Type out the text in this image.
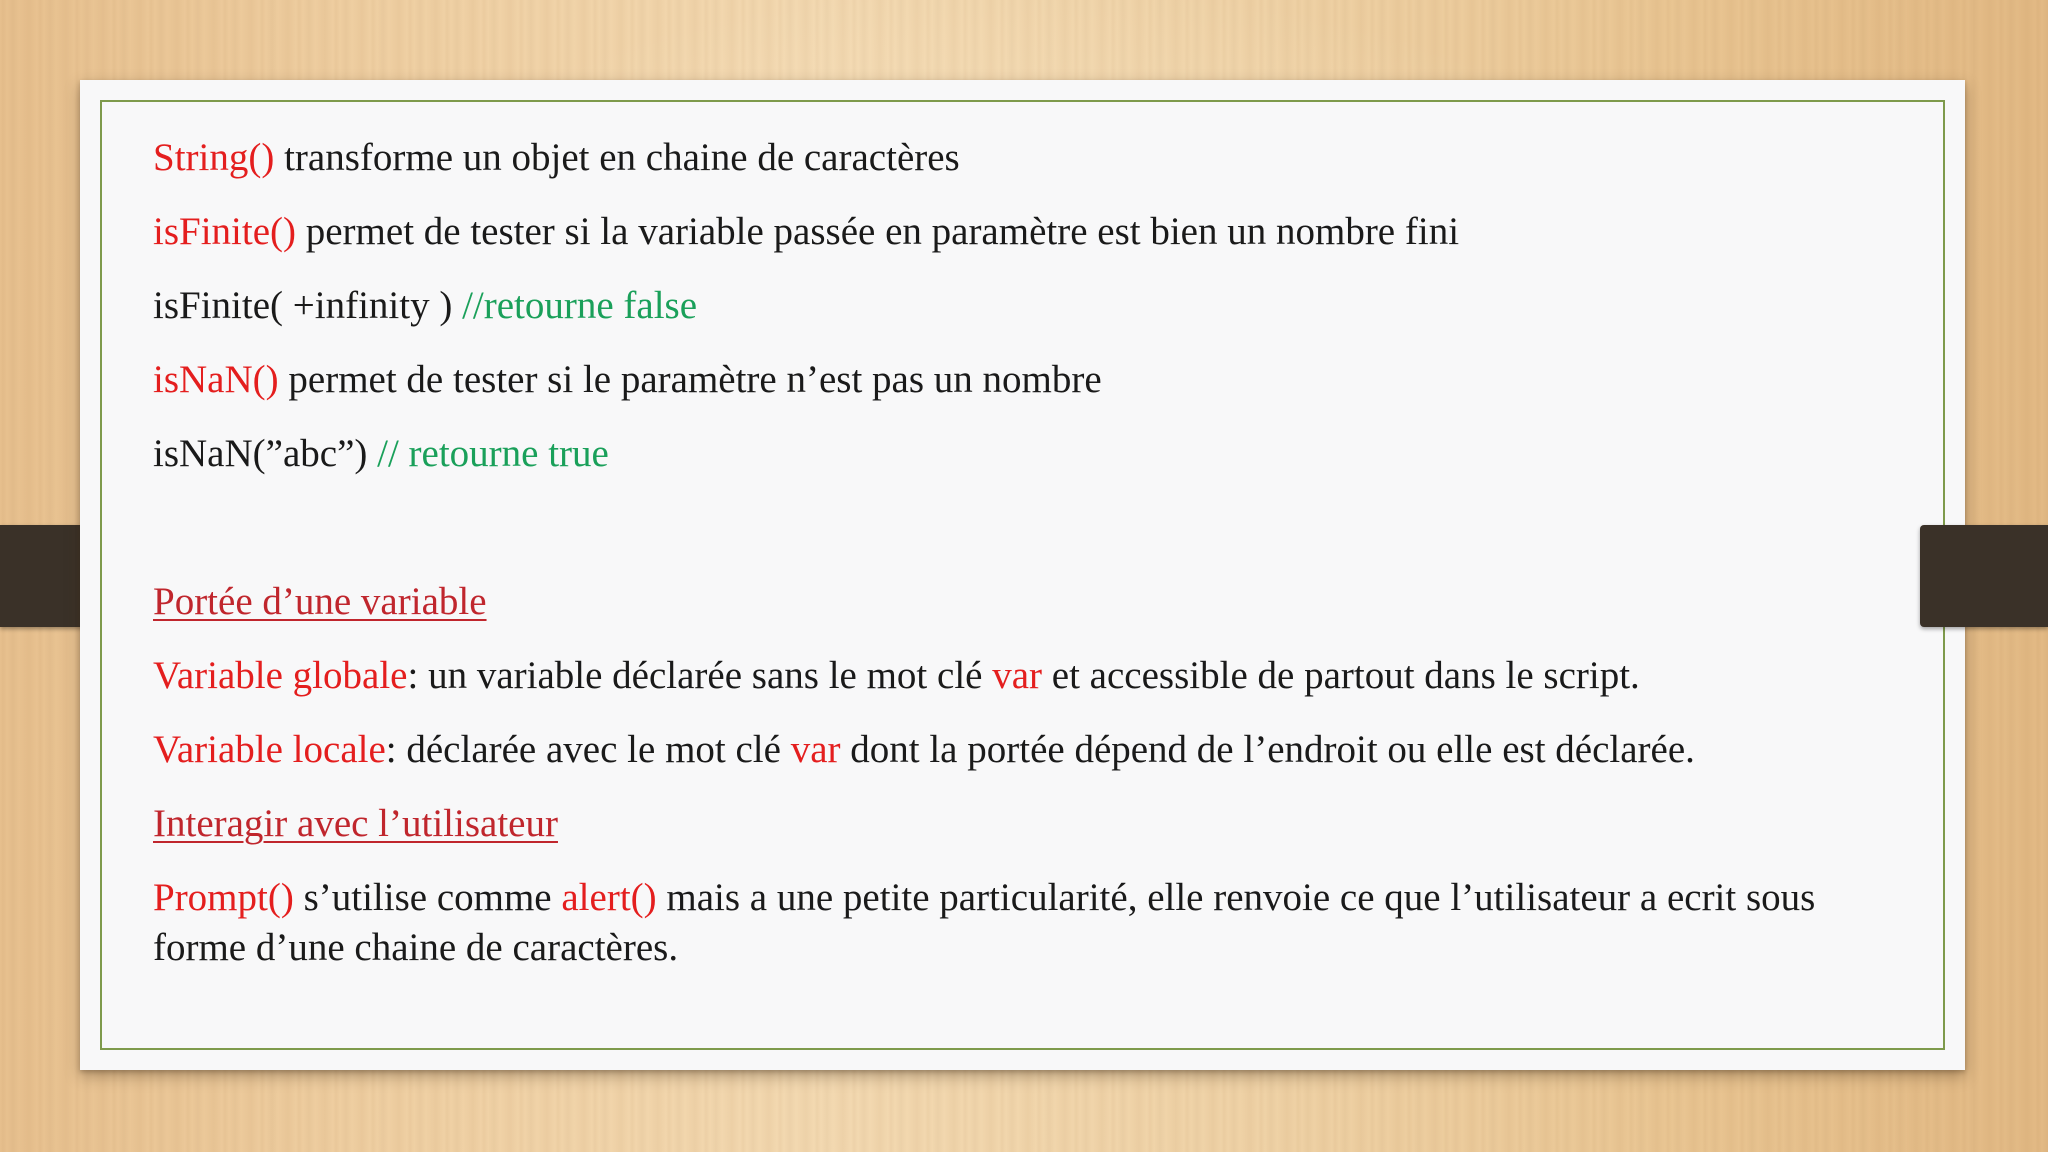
String() transforme un objet en chaine de caractères
isFinite() permet de tester si la variable passée en paramètre est bien un nombre fini
isFinite( +infinity ) //retourne false
isNaN() permet de tester si le paramètre n’est pas un nombre
isNaN(”abc”) // retourne true
Portée d’une variable
Variable globale: un variable déclarée sans le mot clé var et accessible de partout dans le script.
Variable locale: déclarée avec le mot clé var dont la portée dépend de l’endroit ou elle est déclarée.
Interagir avec l’utilisateur
Prompt() s’utilise comme alert() mais a une petite particularité, elle renvoie ce que l’utilisateur a ecrit sous forme d’une chaine de caractères.
